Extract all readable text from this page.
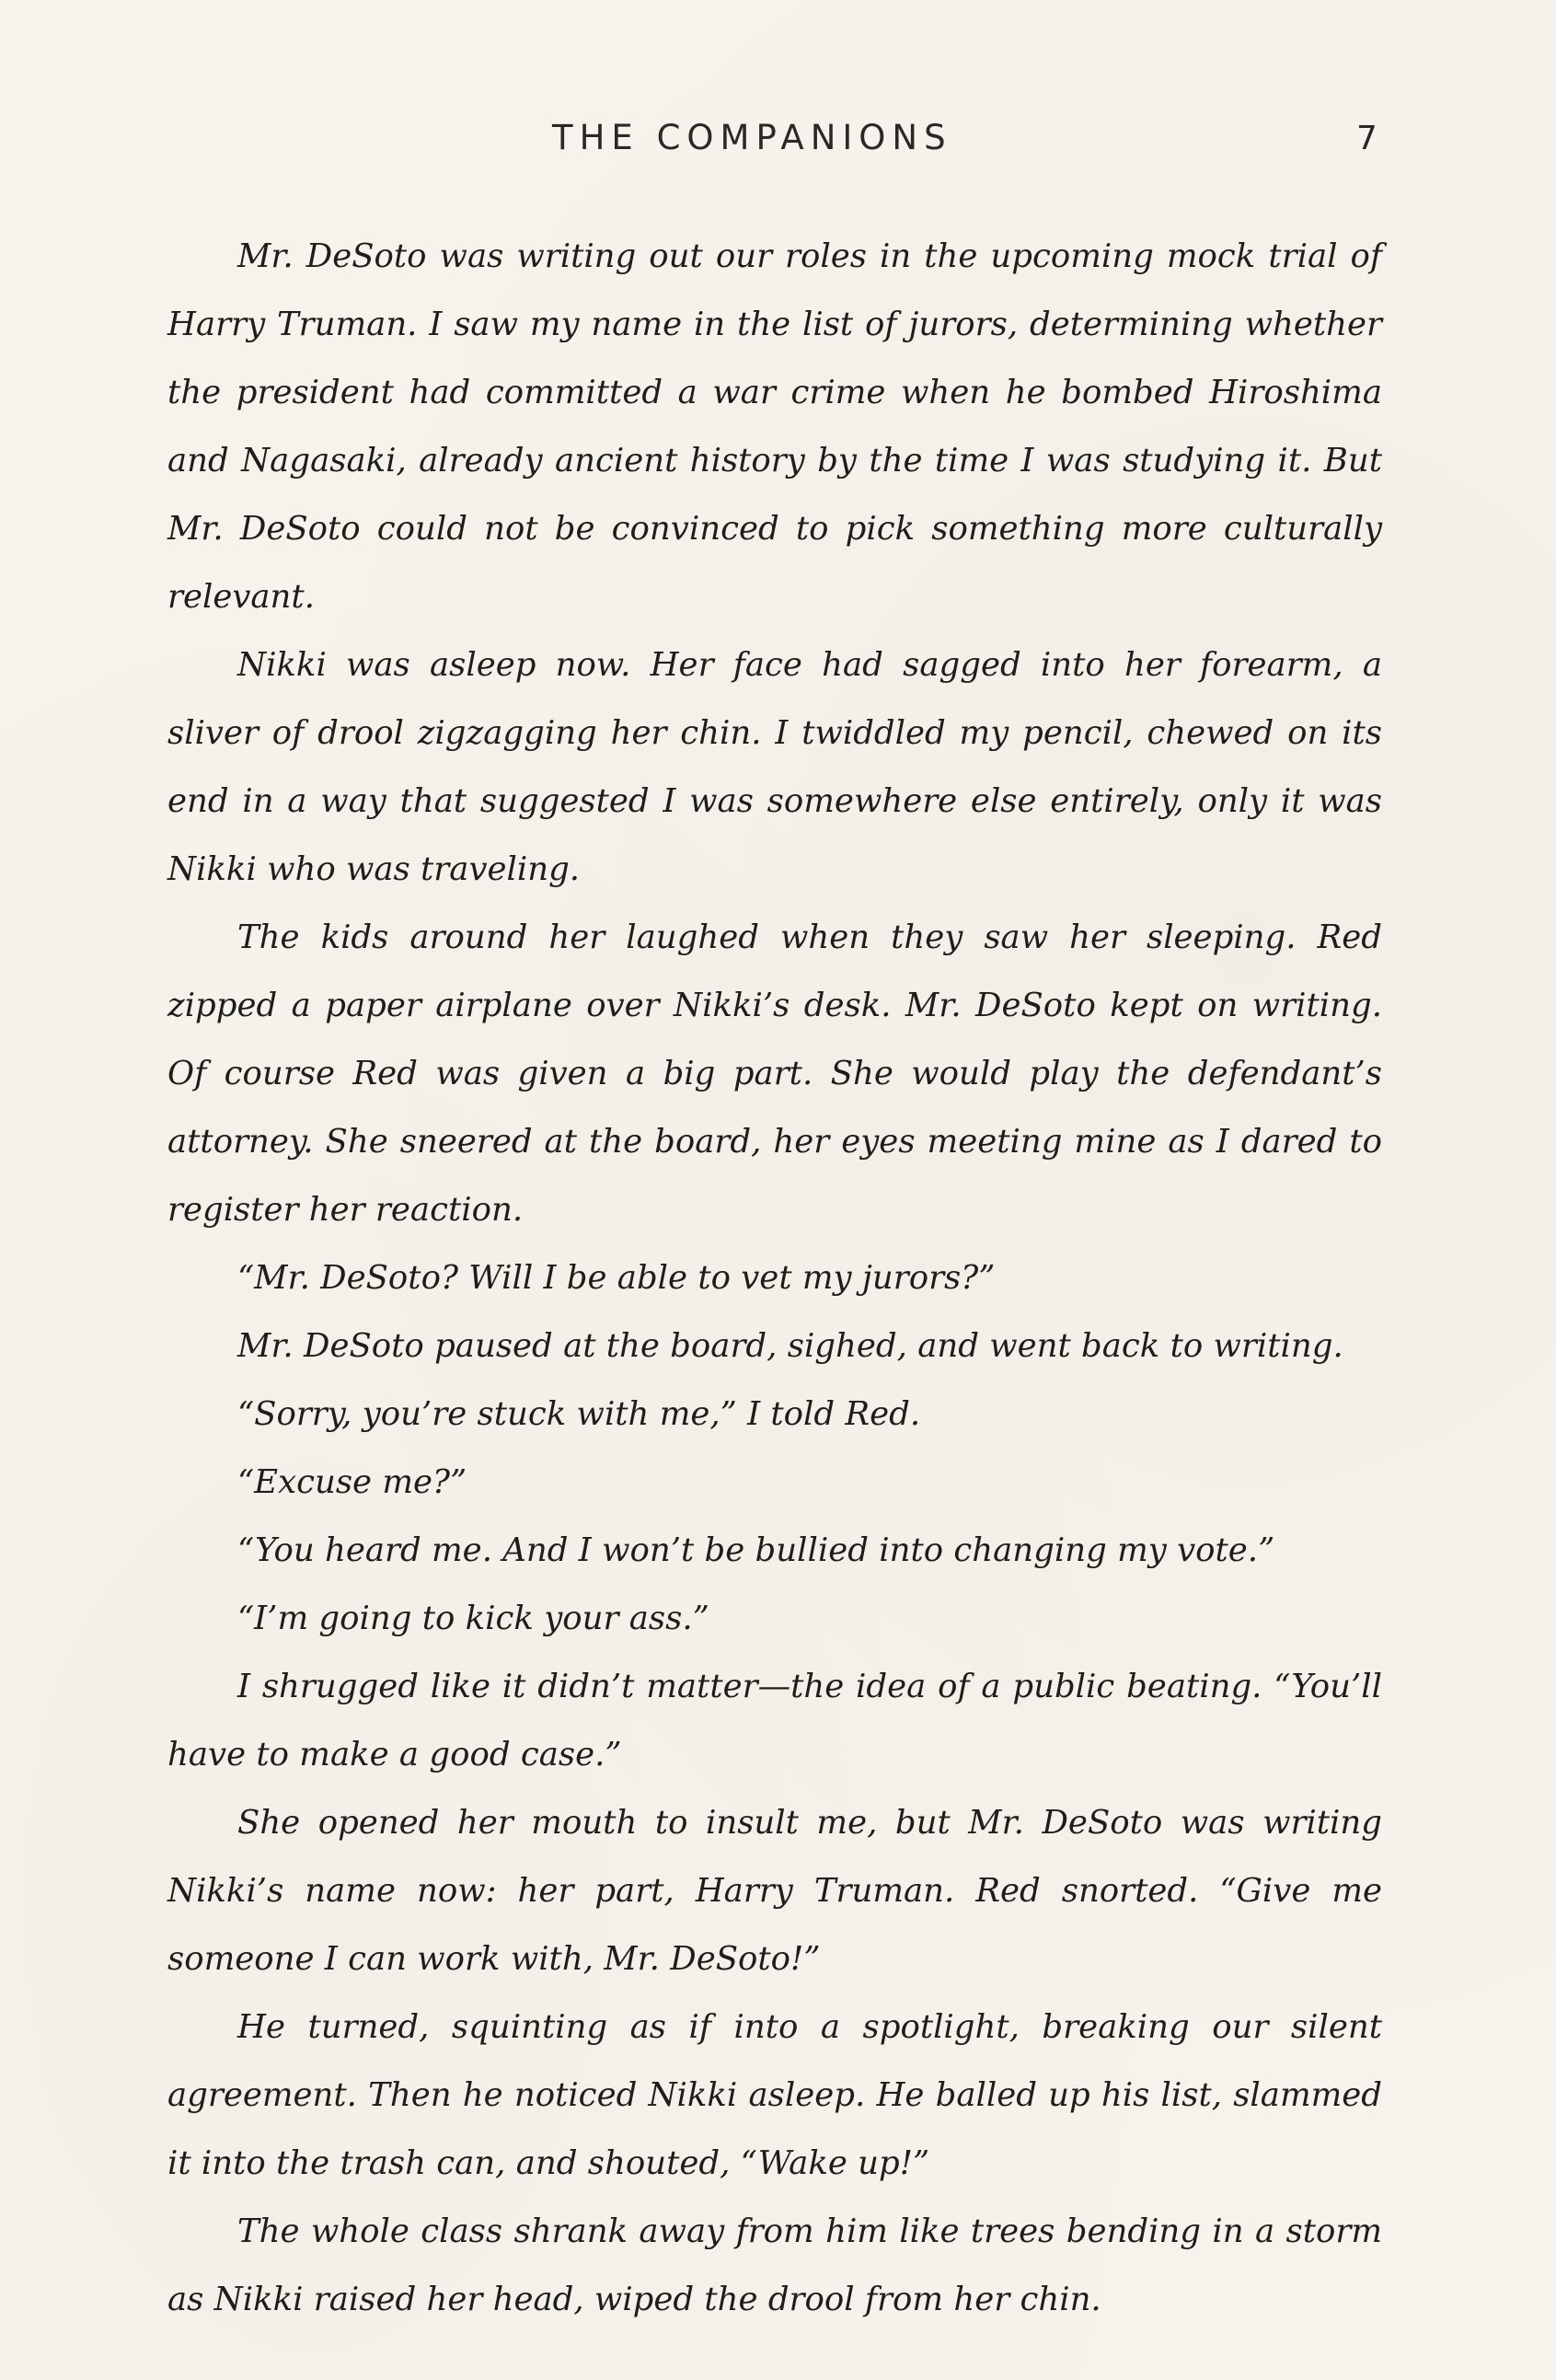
THE COMPANIONS	7

Mr. DeSoto was writing out our roles in the upcoming mock trial of Harry Truman. I saw my name in the list of jurors, determining whether the president had committed a war crime when he bombed Hiroshima and Nagasaki, already ancient history by the time I was studying it. But Mr. DeSoto could not be convinced to pick something more culturally relevant.

Nikki was asleep now. Her face had sagged into her forearm, a sliver of drool zigzagging her chin. I twiddled my pencil, chewed on its end in a way that suggested I was somewhere else entirely, only it was Nikki who was traveling.

The kids around her laughed when they saw her sleeping. Red zipped a paper airplane over Nikki’s desk. Mr. DeSoto kept on writing. Of course Red was given a big part. She would play the defendant’s attorney. She sneered at the board, her eyes meeting mine as I dared to register her reaction.

“Mr. DeSoto? Will I be able to vet my jurors?”

Mr. DeSoto paused at the board, sighed, and went back to writing.

“Sorry, you’re stuck with me,” I told Red.

“Excuse me?”

“You heard me. And I won’t be bullied into changing my vote.”

“I’m going to kick your ass.”

I shrugged like it didn’t matter—the idea of a public beating. “You’ll have to make a good case.”

She opened her mouth to insult me, but Mr. DeSoto was writing Nikki’s name now: her part, Harry Truman. Red snorted. “Give me someone I can work with, Mr. DeSoto!”

He turned, squinting as if into a spotlight, breaking our silent agreement. Then he noticed Nikki asleep. He balled up his list, slammed it into the trash can, and shouted, “Wake up!”

The whole class shrank away from him like trees bending in a storm as Nikki raised her head, wiped the drool from her chin.
